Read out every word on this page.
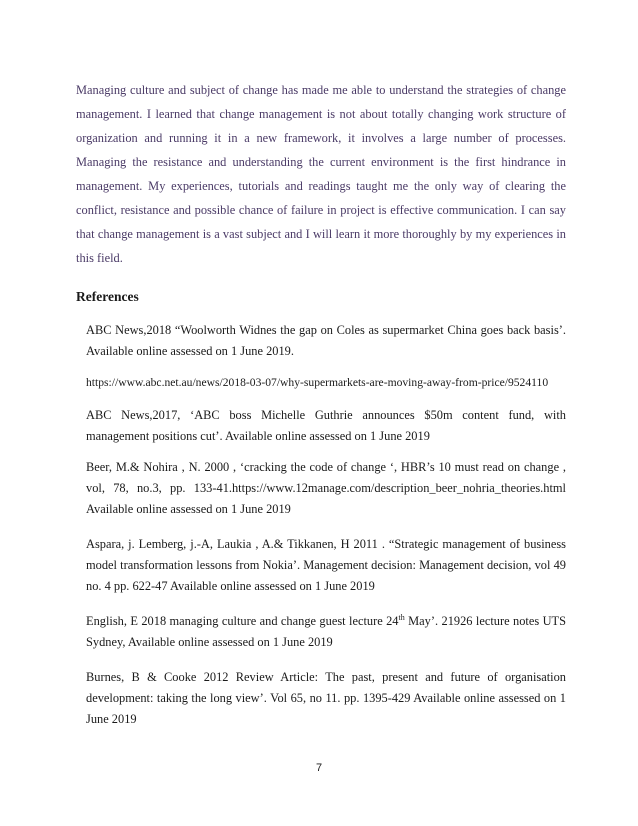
Managing culture and subject of change has made me able to understand the strategies of change management. I learned that change management is not about totally changing work structure of organization and running it in a new framework, it involves a large number of processes. Managing the resistance and understanding the current environment is the first hindrance in management. My experiences, tutorials and readings taught me the only way of clearing the conflict, resistance and possible chance of failure in project is effective communication. I can say that change management is a vast subject and I will learn it more thoroughly by my experiences in this field.

References

ABC News,2018 “Woolworth Widnes the gap on Coles as supermarket China goes back basis’. Available online assessed on 1 June 2019.

https://www.abc.net.au/news/2018-03-07/why-supermarkets-are-moving-away-from-price/9524110

ABC News,2017, ‘ABC boss Michelle Guthrie announces $50m content fund, with management positions cut’. Available online assessed on 1 June 2019

Beer, M.& Nohira , N. 2000 , ‘cracking the code of change ‘, HBR’s 10 must read on change , vol, 78, no.3, pp. 133-41.https://www.12manage.com/description_beer_nohria_theories.html Available online assessed on 1 June 2019

Aspara, j. Lemberg, j.-A, Laukia , A.& Tikkanen, H 2011 . “Strategic management of business model transformation lessons from Nokia’. Management decision: Management decision, vol 49 no. 4 pp. 622-47 Available online assessed on 1 June 2019

English, E 2018 managing culture and change guest lecture 24th May’. 21926 lecture notes UTS Sydney, Available online assessed on 1 June 2019

Burnes, B & Cooke 2012 Review Article: The past, present and future of organisation development: taking the long view’. Vol 65, no 11. pp. 1395-429 Available online assessed on 1 June 2019

7
